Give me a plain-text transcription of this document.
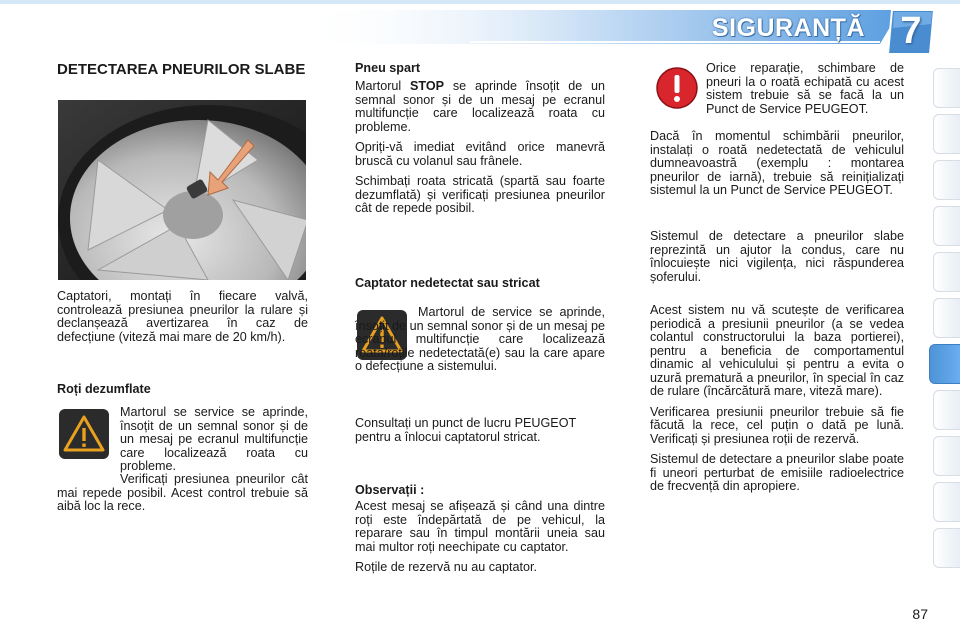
SIGURANȚĂ 7
DETECTAREA PNEURILOR SLABE

Captatori, montați în fiecare valvă, controlează presiunea pneurilor la rulare și declanșează avertizarea în caz de defecțiune (viteză mai mare de 20 km/h).

Roți dezumflate

Martorul se service se aprinde, însoțit de un semnal sonor și de un mesaj pe ecranul multifuncție care localizează roata cu probleme.

Verificați presiunea pneurilor cât mai repede posibil. Acest control trebuie să aibă loc la rece.

Pneu spart

Martorul STOP se aprinde însoțit de un semnal sonor și de un mesaj pe ecranul multifuncție care localizează roata cu probleme.

Opriți-vă imediat evitând orice manevră bruscă cu volanul sau frânele.

Schimbați roata stricată (spartă sau foarte dezumflată) și verificați presiunea pneurilor cât de repede posibil.

Captator nedetectat sau stricat

Martorul de service se aprinde, însoțit de un semnal sonor și de un mesaj pe ecranul multifuncție care localizează roata/roțile nedetectată(e) sau la care apare o defecțiune a sistemului.

Consultați un punct de lucru PEUGEOT pentru a înlocui captatorul stricat.

Observații :

Acest mesaj se afișează și când una dintre roți este îndepărtată de pe vehicul, la reparare sau în timpul montării uneia sau mai multor roți neechipate cu captator.

Roțile de rezervă nu au captator.

Orice reparație, schimbare de pneuri la o roată echipată cu acest sistem trebuie să se facă la un Punct de Service PEUGEOT.

Dacă în momentul schimbării pneurilor, instalați o roată nedetectată de vehiculul dumneavoastră (exemplu : montarea pneurilor de iarnă), trebuie să reinițializați sistemul la un Punct de Service PEUGEOT.

Sistemul de detectare a pneurilor slabe reprezintă un ajutor la condus, care nu înlocuiește nici vigilența, nici răspunderea șoferului.

Acest sistem nu vă scutește de verificarea periodică a presiunii pneurilor (a se vedea colantul constructorului la baza portierei), pentru a beneficia de comportamentul dinamic al vehiculului și pentru a evita o uzură prematură a pneurilor, în special în caz de rulare (încărcătură mare, viteză mare).

Verificarea presiunii pneurilor trebuie să fie făcută la rece, cel puțin o dată pe lună. Verificați și presiunea roții de rezervă.

Sistemul de detectare a pneurilor slabe poate fi uneori perturbat de emisiile radioelectrice de frecvență din apropiere.

87
